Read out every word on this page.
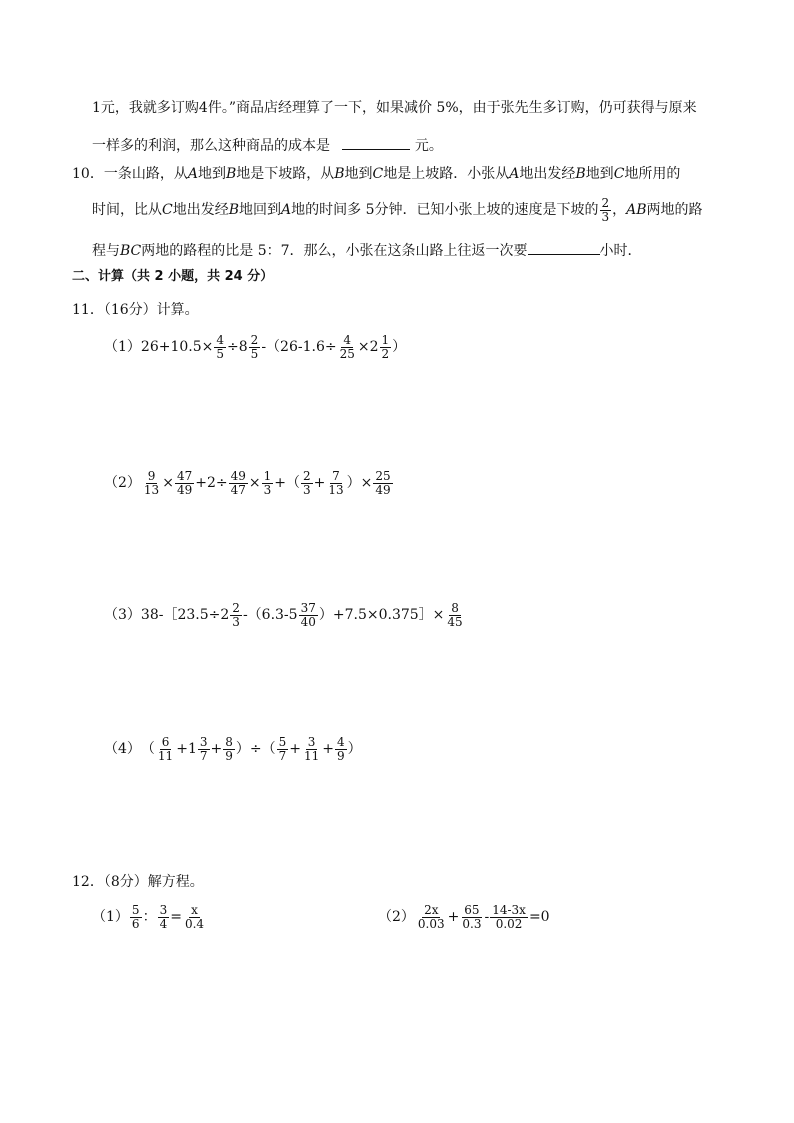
1元，我就多订购4件。”商品店经理算了一下，如果减价 5%，由于张先生多订购，仍可获得与原来
一样多的利润，那么这种商品的成本是	元。
10．一条山路，从A地到B地是下坡路，从B地到C地是上坡路．小张从A地出发经B地到C地所用的
时间，比从 C 地出发经 B 地回到 A 地的时间多 5分钟．已知小张上坡的速度是下坡的 $\frac{2}{3}$ ， AB 两地的路
程与BC两地的路程的比是 5：7．那么，小张在这条山路上往返一次要	小时．
二、计算（共 2 小题，共 24 分）
11．（16分）计算。
（1） $26+10.5\times \frac{4}{5} \div 8 \frac{2}{5} -(26-1.6\div \frac{4}{25} \times 2 \frac{1}{2}$ ）
$(2) \frac{9}{13} \times \frac{47}{49} +2\div \frac{49}{47} \times \frac{1}{3}$ +（ $\frac{2}{3} + \frac{7}{13}$ ）× $\frac{25}{49}$
（3） 38-［23.5÷ $2 \frac{2}{3} -(6.3-$ $5 \frac{37}{40}$ ）+7.5×0.375］× $\frac{8}{45}$
（4） （ $\frac{6}{11} + 1 \frac{3}{7} + \frac{8}{9}$ ）÷（ $\frac{5}{7} + \frac{3}{11} + \frac{4}{9}$ ）
12．（8分）解方程。
$(1) \frac{5}{6}$ ： $\frac{3}{4} = \frac{x}{0.4}$	$(2) \frac{2x}{0.03} + \frac{65}{0.3} - \frac{14-3x}{0.02} =0$
